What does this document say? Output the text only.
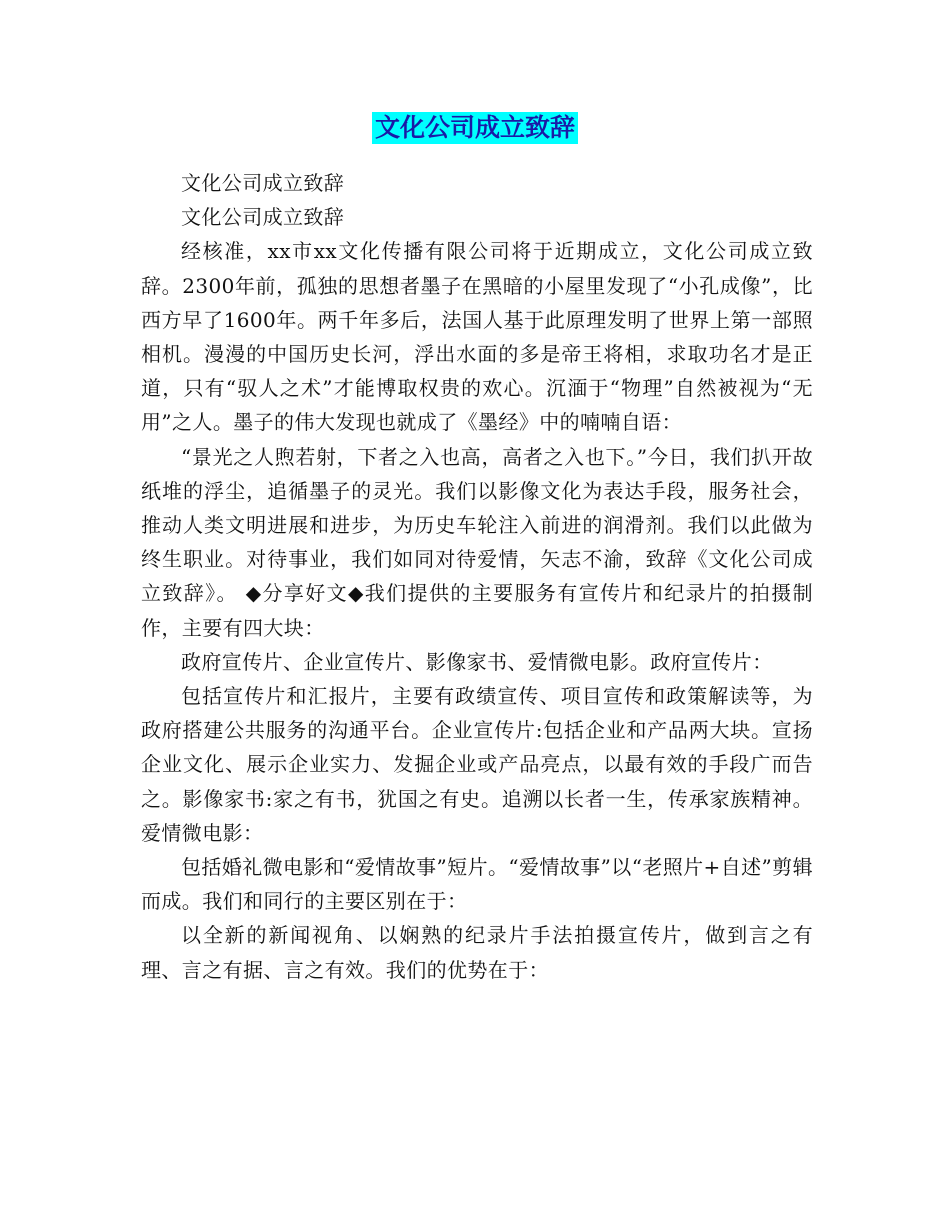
文化公司成立致辞

文化公司成立致辞

文化公司成立致辞

经核准，xx市xx文化传播有限公司将于近期成立，文化公司成立致辞。2300年前，孤独的思想者墨子在黑暗的小屋里发现了“小孔成像”，比西方早了1600年。两千年多后，法国人基于此原理发明了世界上第一部照相机。漫漫的中国历史长河，浮出水面的多是帝王将相，求取功名才是正道，只有“驭人之术”才能博取权贵的欢心。沉湎于“物理”自然被视为“无用”之人。墨子的伟大发现也就成了《墨经》中的喃喃自语：

“景光之人煦若射，下者之入也高，高者之入也下。”今日，我们扒开故纸堆的浮尘，追循墨子的灵光。我们以影像文化为表达手段，服务社会，推动人类文明进展和进步，为历史车轮注入前进的润滑剂。我们以此做为终生职业。对待事业，我们如同对待爱情，矢志不渝，致辞《文化公司成立致辞》。 ◆分享好文◆我们提供的主要服务有宣传片和纪录片的拍摄制作，主要有四大块：

政府宣传片、企业宣传片、影像家书、爱情微电影。政府宣传片：

包括宣传片和汇报片，主要有政绩宣传、项目宣传和政策解读等，为政府搭建公共服务的沟通平台。企业宣传片:包括企业和产品两大块。宣扬企业文化、展示企业实力、发掘企业或产品亮点，以最有效的手段广而告之。影像家书:家之有书，犹国之有史。追溯以长者一生，传承家族精神。爱情微电影：

包括婚礼微电影和“爱情故事”短片。“爱情故事”以“老照片+自述”剪辑而成。我们和同行的主要区别在于：

以全新的新闻视角、以娴熟的纪录片手法拍摄宣传片，做到言之有理、言之有据、言之有效。我们的优势在于：
